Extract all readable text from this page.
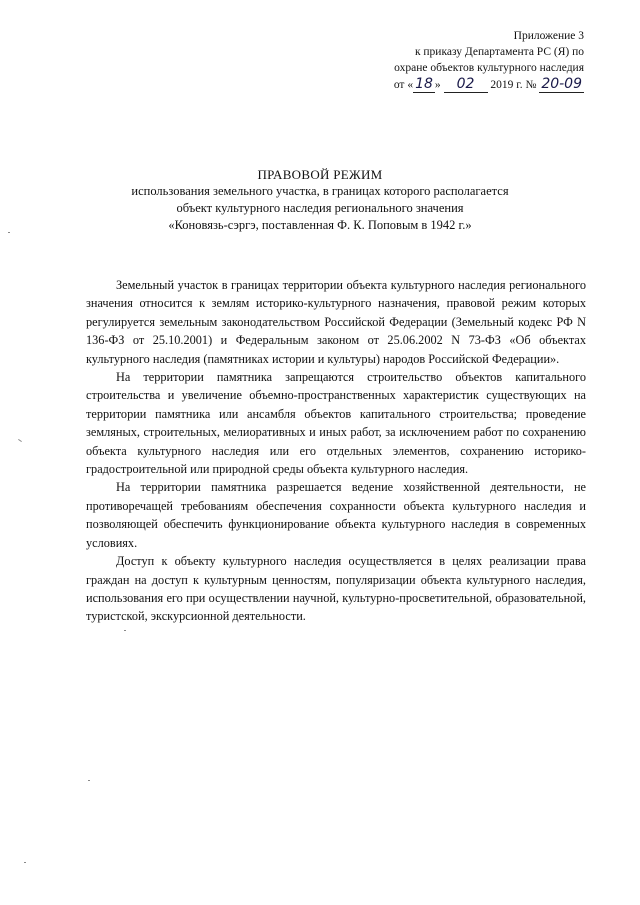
Приложение 3
к приказу Департамента РС (Я) по
охране объектов культурного наследия
от « 18 » 02 2019 г. № 20-09
ПРАВОВОЙ РЕЖИМ
использования земельного участка, в границах которого располагается
объект культурного наследия регионального значения
«Коновязь-сэргэ, поставленная Ф. К. Поповым в 1942 г.»

Земельный участок в границах территории объекта культурного наследия регионального значения относится к землям историко-культурного назначения, правовой режим которых регулируется земельным законодательством Российской Федерации (Земельный кодекс РФ N 136-ФЗ от 25.10.2001) и Федеральным законом от 25.06.2002 N 73-ФЗ «Об объектах культурного наследия (памятниках истории и культуры) народов Российской Федерации».

На территории памятника запрещаются строительство объектов капитального строительства и увеличение объемно-пространственных характеристик существующих на территории памятника или ансамбля объектов капитального строительства; проведение земляных, строительных, мелиоративных и иных работ, за исключением работ по сохранению объекта культурного наследия или его отдельных элементов, сохранению историко-градостроительной или природной среды объекта культурного наследия.

На территории памятника разрешается ведение хозяйственной деятельности, не противоречащей требованиям обеспечения сохранности объекта культурного наследия и позволяющей обеспечить функционирование объекта культурного наследия в современных условиях.

Доступ к объекту культурного наследия осуществляется в целях реализации права граждан на доступ к культурным ценностям, популяризации объекта культурного наследия, использования его при осуществлении научной, культурно-просветительной, образовательной, туристской, экскурсионной деятельности.
